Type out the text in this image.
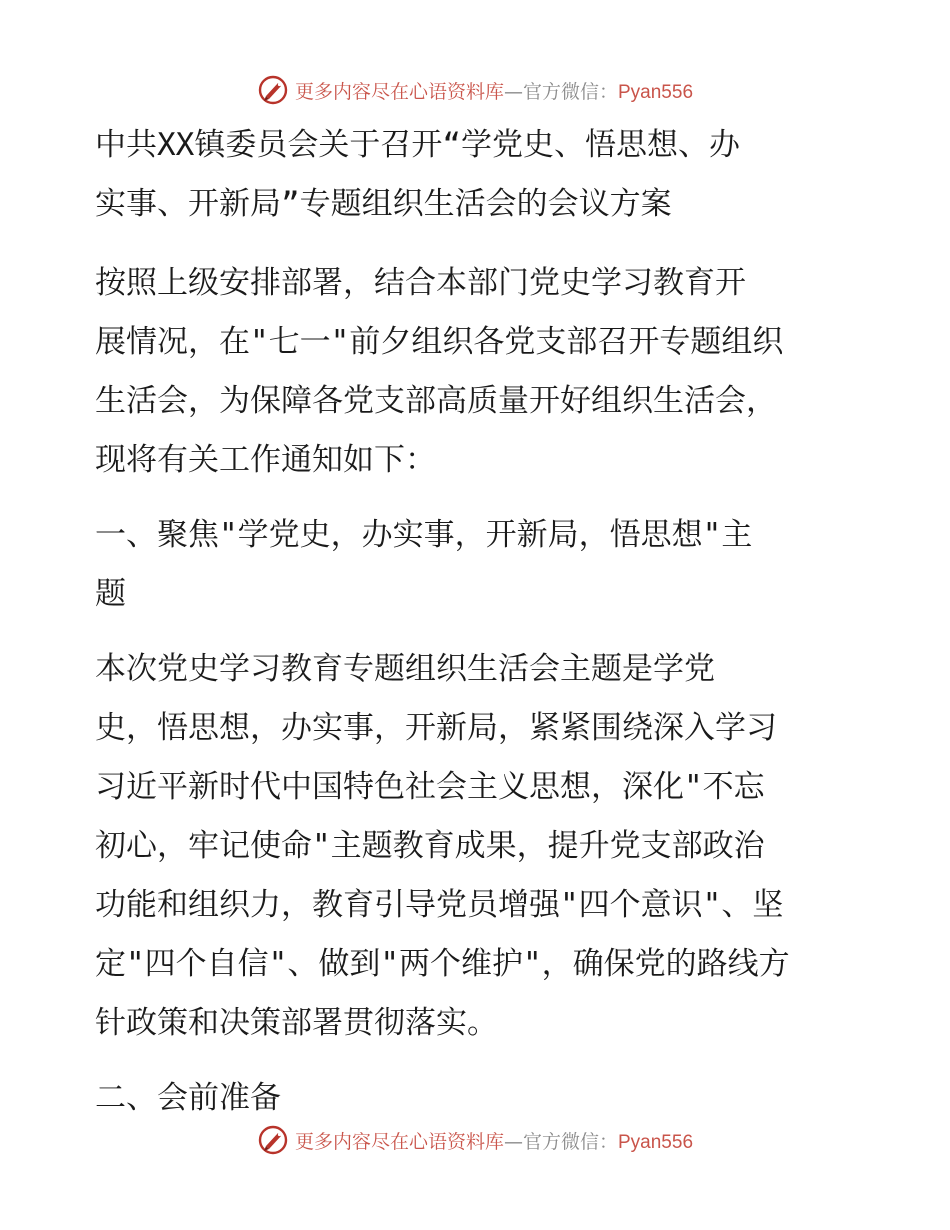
更多内容尽在心语资料库—官方微信：Pyan556

中共XX镇委员会关于召开“学党史、悟思想、办

实事、开新局”专题组织生活会的会议方案

按照上级安排部署，结合本部门党史学习教育开

展情况，在"七一"前夕组织各党支部召开专题组织

生活会，为保障各党支部高质量开好组织生活会，

现将有关工作通知如下：

一、聚焦"学党史，办实事，开新局，悟思想"主

题

本次党史学习教育专题组织生活会主题是学党

史，悟思想，办实事，开新局，紧紧围绕深入学习

习近平新时代中国特色社会主义思想，深化"不忘

初心，牢记使命"主题教育成果，提升党支部政治

功能和组织力，教育引导党员增强"四个意识"、坚

定"四个自信"、做到"两个维护"，确保党的路线方

针政策和决策部署贯彻落实。

二、会前准备

更多内容尽在心语资料库—官方微信：Pyan556
